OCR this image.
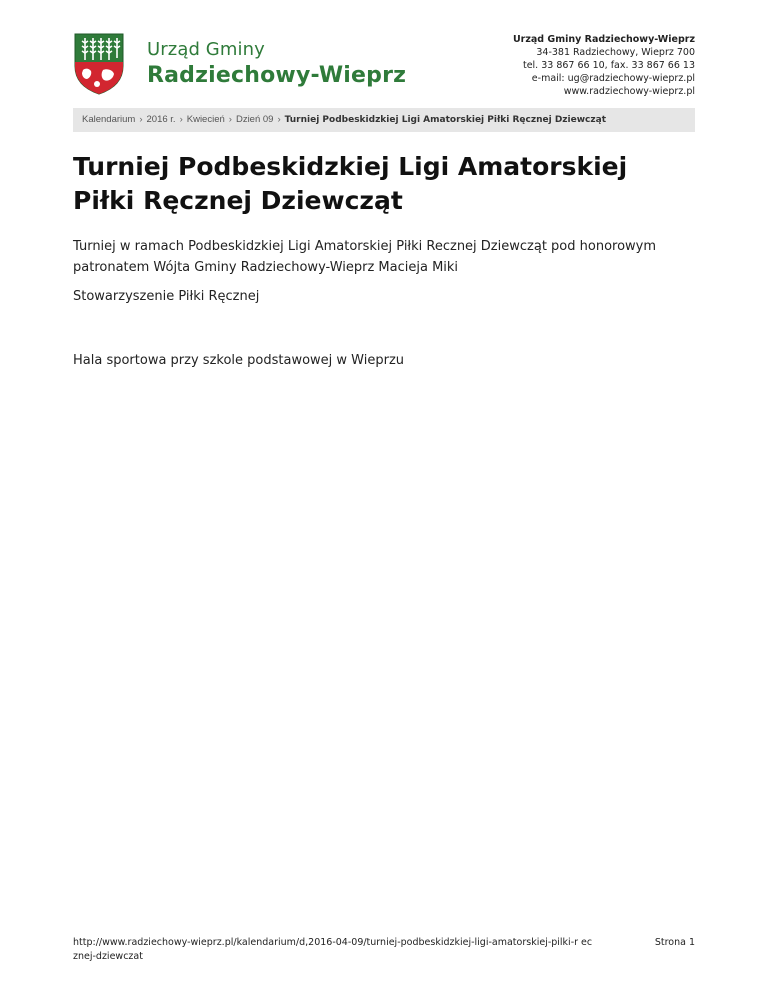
Urząd Gminy
Radziechowy-Wieprz
Urząd Gminy Radziechowy-Wieprz
34-381 Radziechowy, Wieprz 700
tel. 33 867 66 10, fax. 33 867 66 13
e-mail: ug@radziechowy-wieprz.pl
www.radziechowy-wieprz.pl
Kalendarium › 2016 r. › Kwiecień › Dzień 09 › Turniej Podbeskidzkiej Ligi Amatorskiej Piłki Ręcznej Dziewcząt
Turniej Podbeskidzkiej Ligi Amatorskiej Piłki Ręcznej Dziewcząt

Turniej w ramach Podbeskidzkiej Ligi Amatorskiej Piłki Recznej Dziewcząt pod honorowym patronatem Wójta Gminy Radziechowy-Wieprz Macieja Miki

Stowarzyszenie Piłki Ręcznej

Hala sportowa przy szkole podstawowej w Wieprzu

http://www.radziechowy-wieprz.pl/kalendarium/d,2016-04-09/turniej-podbeskidzkiej-ligi-amatorskiej-pilki-r ecznej-dziewczat
Strona 1
